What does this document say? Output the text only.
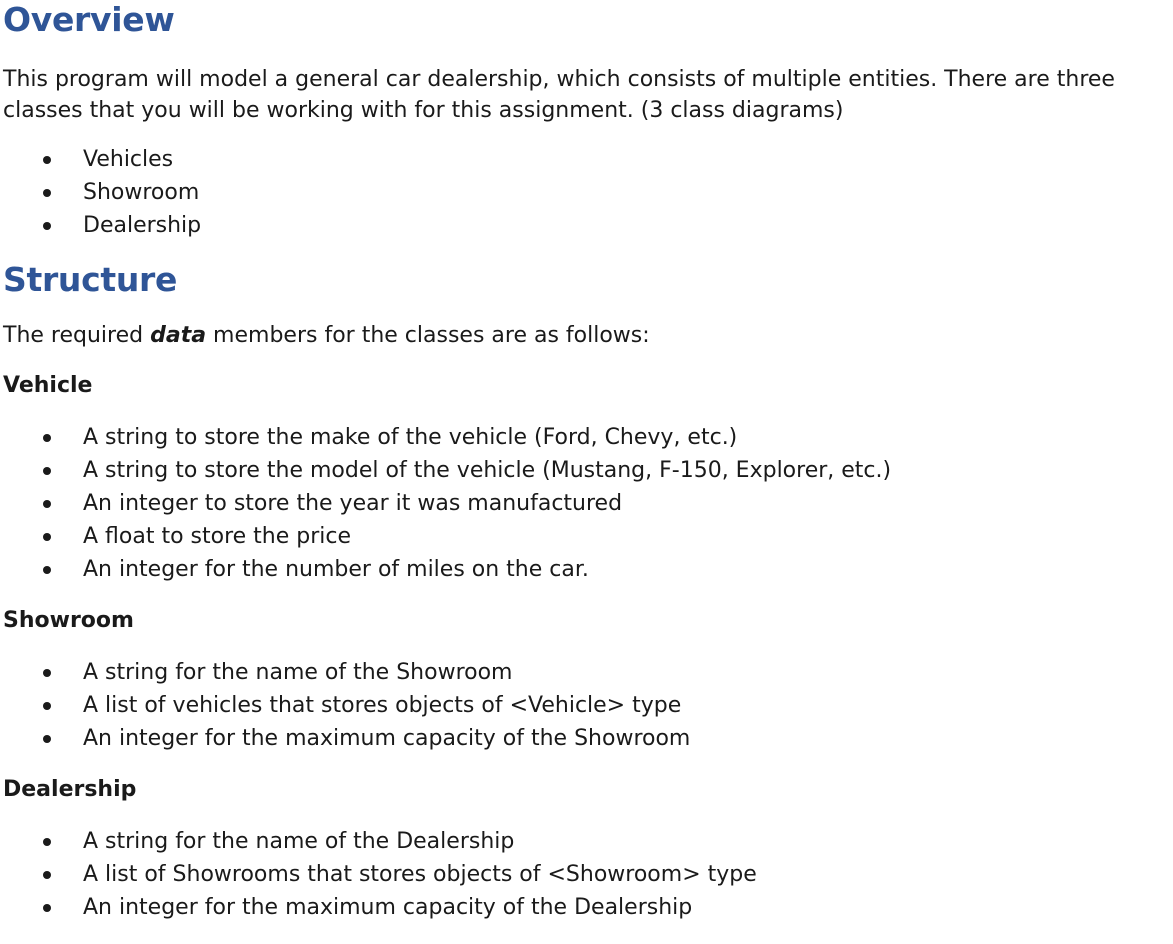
Overview

This program will model a general car dealership, which consists of multiple entities. There are three classes that you will be working with for this assignment. (3 class diagrams)

Vehicles
Showroom
Dealership
Structure

The required data members for the classes are as follows:

Vehicle
A string to store the make of the vehicle (Ford, Chevy, etc.)
A string to store the model of the vehicle (Mustang, F-150, Explorer, etc.)
An integer to store the year it was manufactured
A float to store the price
An integer for the number of miles on the car.
Showroom
A string for the name of the Showroom
A list of vehicles that stores objects of <Vehicle> type
An integer for the maximum capacity of the Showroom
Dealership
A string for the name of the Dealership
A list of Showrooms that stores objects of <Showroom> type
An integer for the maximum capacity of the Dealership
